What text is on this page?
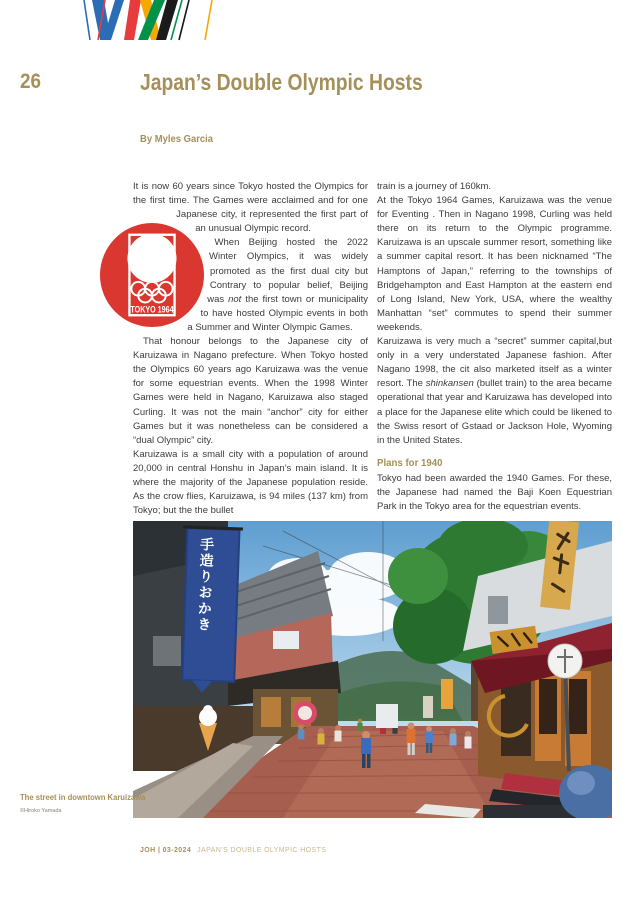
26	Japan’s Double Olympic Hosts
By Myles Garcia
TOKYO 1964

It is now 60 years since Tokyo hosted the Olympics for the first time. The Games were acclaimed and for one Japanese city, it represented the first part of an unusual Olympic record.

When Beijing hosted the 2022 Winter Olympics, it was widely promoted as the first dual city but Contrary to popular belief, Beijing was not the first town or municipality to have hosted Olympic events in both a Summer and Winter Olympic Games.

That honour belongs to the Japanese city of Karuizawa in Nagano prefecture. When Tokyo hosted the Olympics 60 years ago Karuizawa was the venue for some equestrian events. When the 1998 Winter Games were held in Nagano, Karuizawa also staged Curling. It was not the main “anchor” city for either Games but it was nonetheless can be considered a “dual Olympic” city.

Karuizawa is a small city with a population of around 20,000 in central Honshu in Japan’s main island. It is where the majority of the Japanese population reside. As the crow flies, Karuizawa, is 94 miles (137 km) from Tokyo; but the the bullet

train is a journey of 160km.

At the Tokyo 1964 Games, Karuizawa was the venue for Eventing . Then in Nagano 1998, Curling was held there on its return to the Olympic programme. Karuizawa is an upscale summer resort, something like a summer capital resort. It has been nicknamed “The Hamptons of Japan,” referring to the townships of Bridgehampton and East Hampton at the eastern end of Long Island, New York, USA, where the wealthy Manhattan “set” commutes to spend their summer weekends.

Karuizawa is very much a “secret” summer capital,but only in a very understated Japanese fashion. After Nagano 1998, the cit also marketed itself as a winter resort. The shinkansen (bullet train) to the area became operational that year and Karuizawa has developed into a place for the Japanese elite which could be likened to the Swiss resort of Gstaad or Jackson Hole, Wyoming in the United States.

Plans for 1940

Tokyo had been awarded the 1940 Games. For these, the Japanese had named the Baji Koen Equestrian Park in the Tokyo area for the equestrian events.

手造りおかき
The street in downtown Karuizawa
©Hiroko Yamada
JOH | 03-2024 JAPAN’S DOUBLE OLYMPIC HOSTS
